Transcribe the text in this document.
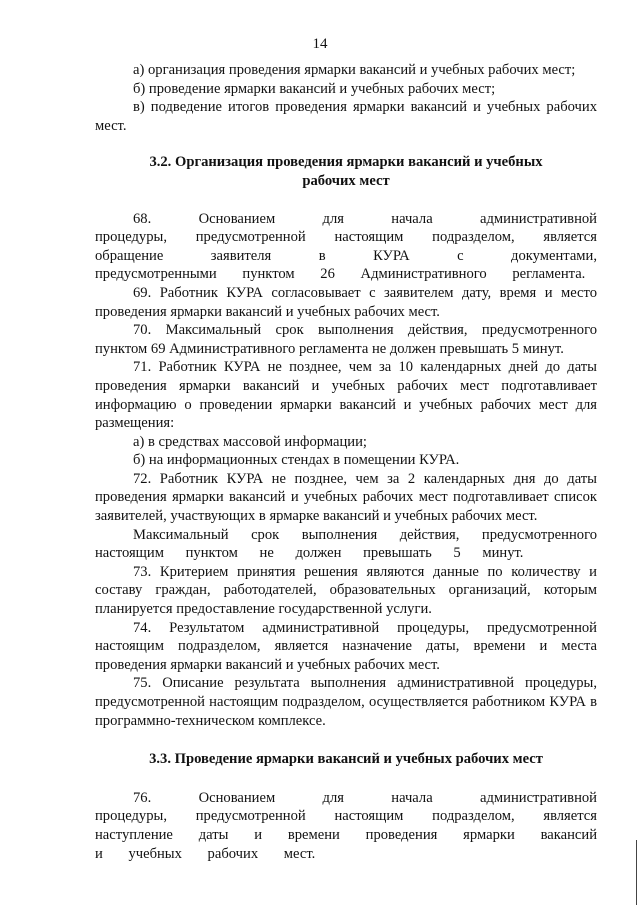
14

а) организация проведения ярмарки вакансий и учебных рабочих мест;

б) проведение ярмарки вакансий и учебных рабочих мест;

в) подведение итогов проведения ярмарки вакансий и учебных рабочих мест.

3.2. Организация проведения ярмарки вакансий и учебных рабочих мест

68. Основанием для начала административной процедуры, предусмотренной настоящим подразделом, является обращение заявителя в КУРА с документами, предусмотренными пунктом 26 Административного регламента.

69. Работник КУРА согласовывает с заявителем дату, время и место проведения ярмарки вакансий и учебных рабочих мест.

70. Максимальный срок выполнения действия, предусмотренного пунктом 69 Административного регламента не должен превышать 5 минут.

71. Работник КУРА не позднее, чем за 10 календарных дней до даты проведения ярмарки вакансий и учебных рабочих мест подготавливает информацию о проведении ярмарки вакансий и учебных рабочих мест для размещения:

а) в средствах массовой информации;

б) на информационных стендах в помещении КУРА.

72. Работник КУРА не позднее, чем за 2 календарных дня до даты проведения ярмарки вакансий и учебных рабочих мест подготавливает список заявителей, участвующих в ярмарке вакансий и учебных рабочих мест.

Максимальный срок выполнения действия, предусмотренного настоящим пунктом не должен превышать 5 минут.

73. Критерием принятия решения являются данные по количеству и составу граждан, работодателей, образовательных организаций, которым планируется предоставление государственной услуги.

74. Результатом административной процедуры, предусмотренной настоящим подразделом, является назначение даты, времени и места проведения ярмарки вакансий и учебных рабочих мест.

75. Описание результата выполнения административной процедуры, предусмотренной настоящим подразделом, осуществляется работником КУРА в программно-техническом комплексе.

3.3. Проведение ярмарки вакансий и учебных рабочих мест

76. Основанием для начала административной процедуры, предусмотренной настоящим подразделом, является наступление даты и времени проведения ярмарки вакансий и учебных рабочих мест.
